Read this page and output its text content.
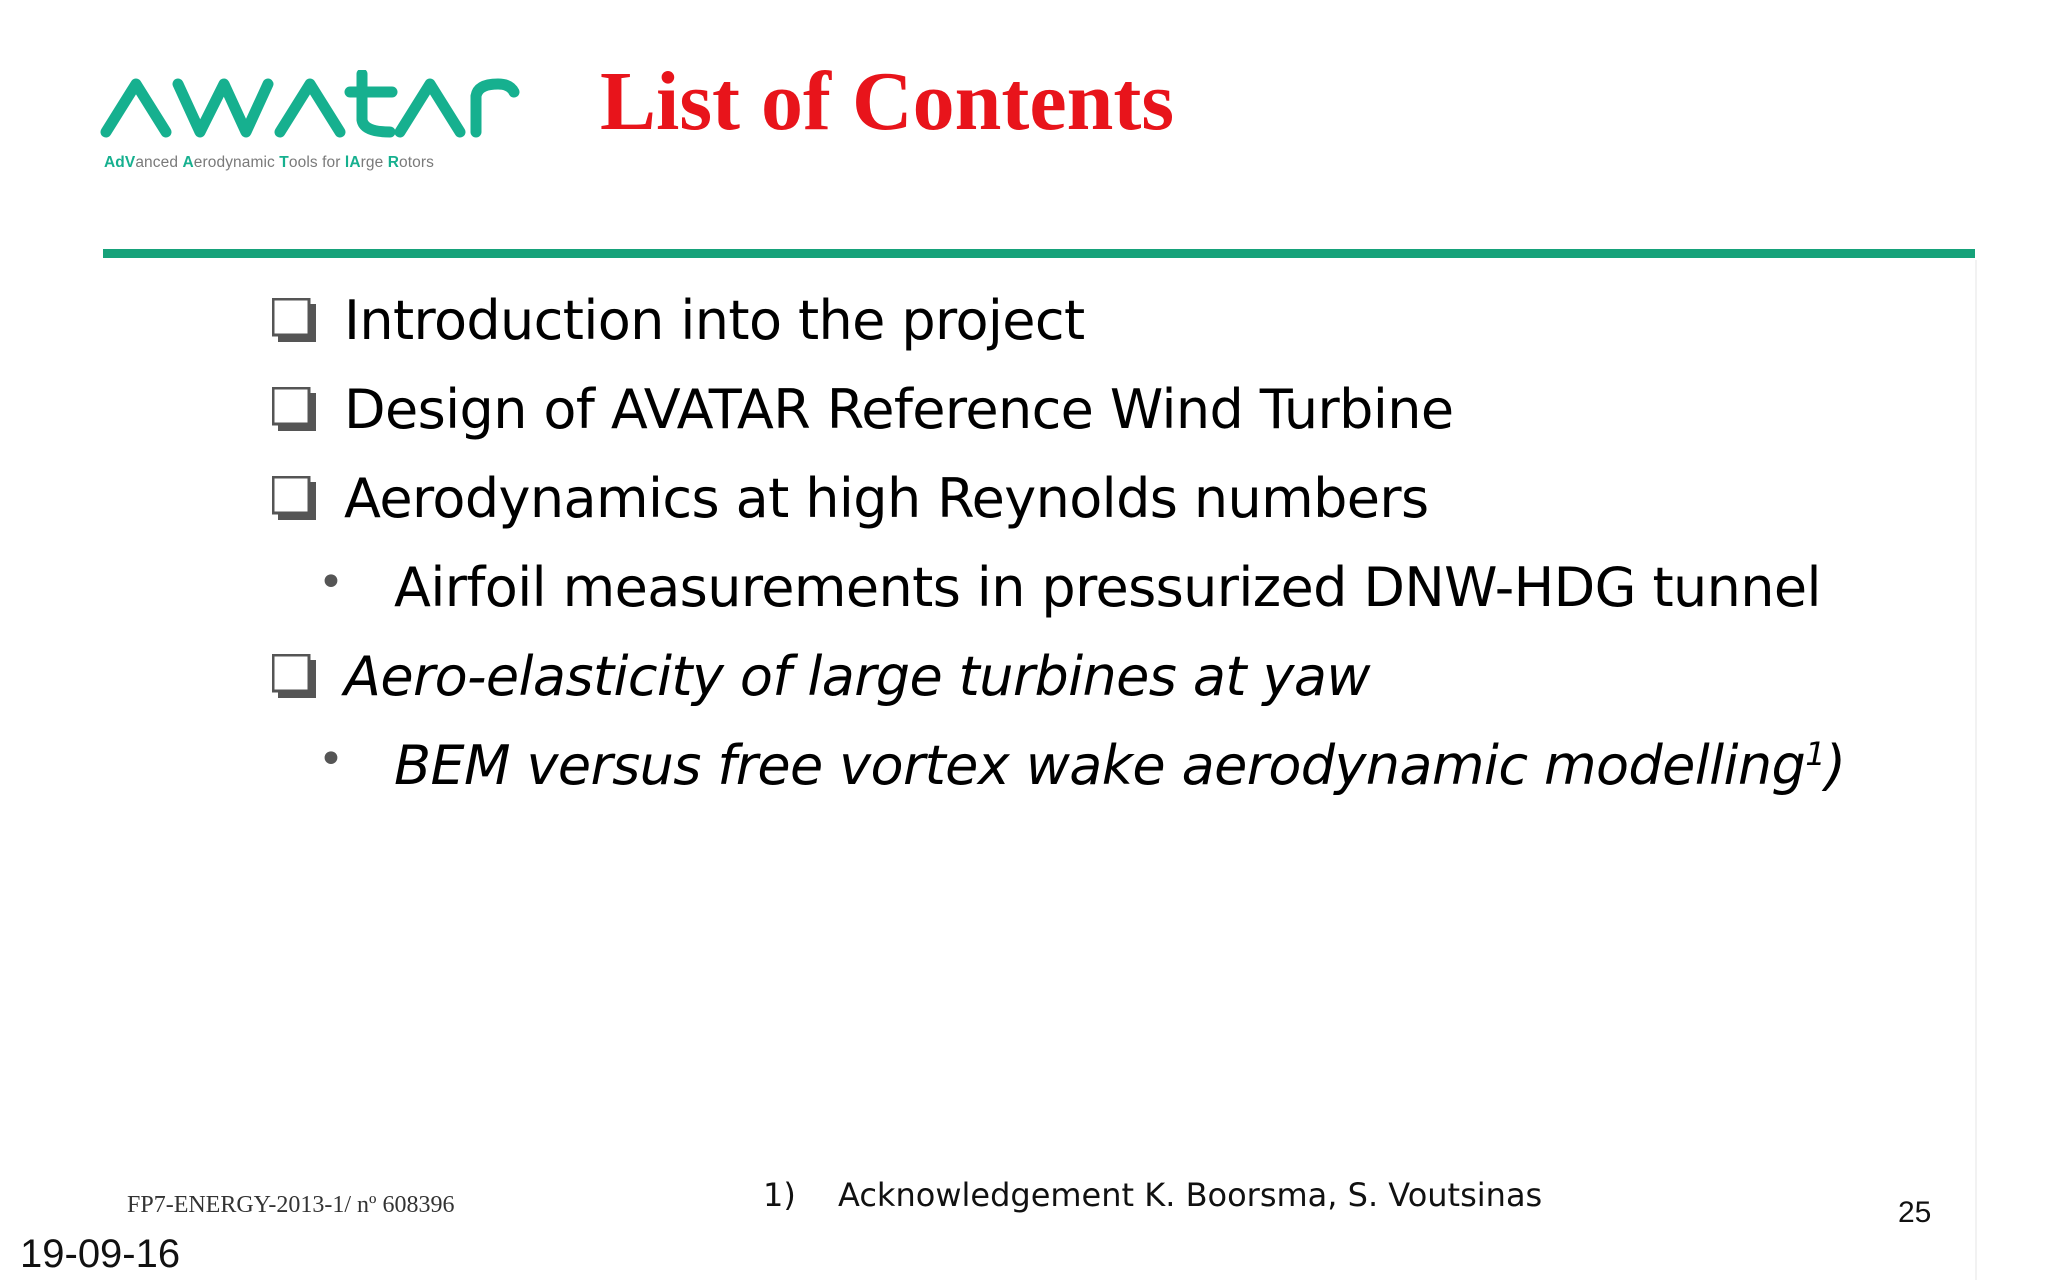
AdVanced Aerodynamic Tools for lArge Rotors
List of Contents
Introduction into the project
Design of AVATAR Reference Wind Turbine
Aerodynamics at high Reynolds numbers
• Airfoil measurements in pressurized DNW-HDG tunnel
Aero-elasticity of large turbines at yaw
• BEM versus free vortex wake aerodynamic modelling$^1$)
FP7-ENERGY-2013-1/ nº 608396	1) Acknowledgement K. Boorsma, S. Voutsinas	25
19-09-16
